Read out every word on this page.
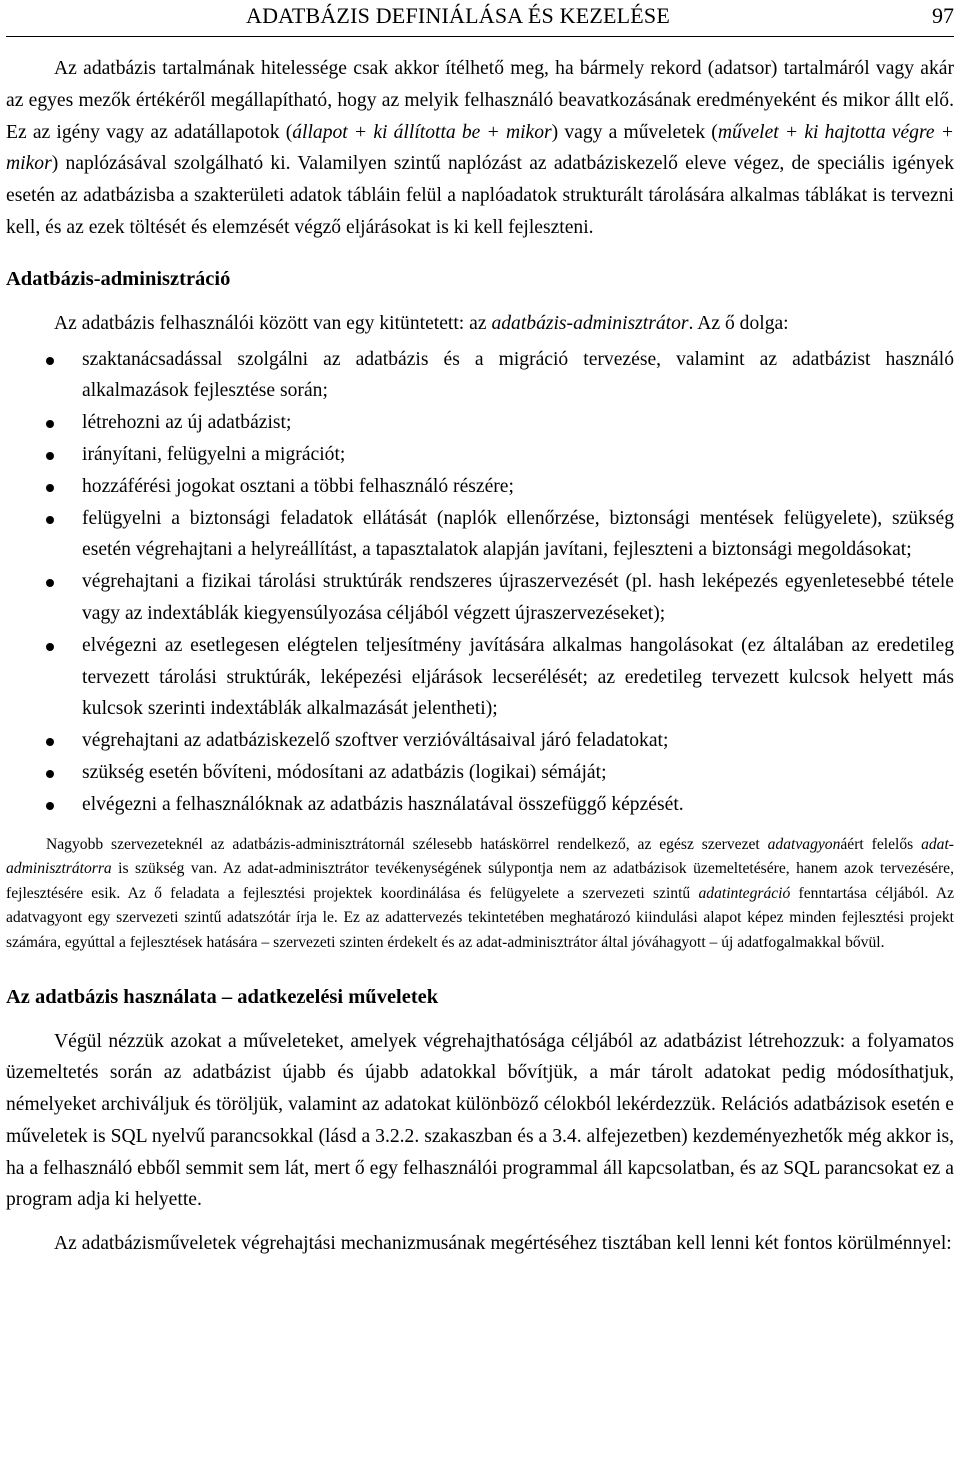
ADATBÁZIS DEFINIÁLÁSA ÉS KEZELÉSE	97

Az adatbázis tartalmának hitelessége csak akkor ítélhető meg, ha bármely rekord (adatsor) tartalmáról vagy akár az egyes mezők értékéről megállapítható, hogy az melyik felhasználó beavatkozásának eredményeként és mikor állt elő. Ez az igény vagy az adatállapotok (állapot + ki állította be + mikor) vagy a műveletek (művelet + ki hajtotta végre + mikor) naplózásával szolgálható ki. Valamilyen szintű naplózást az adatbáziskezelő eleve végez, de speciális igények esetén az adatbázisba a szakterületi adatok tábláin felül a naplóadatok strukturált tárolására alkalmas táblákat is tervezni kell, és az ezek töltését és elemzését végző eljárásokat is ki kell fejleszteni.

Adatbázis-adminisztráció

Az adatbázis felhasználói között van egy kitüntetett: az adatbázis-adminisztrátor. Az ő dolga:

szaktanácsadással szolgálni az adatbázis és a migráció tervezése, valamint az adatbázist használó alkalmazások fejlesztése során;
létrehozni az új adatbázist;
irányítani, felügyelni a migrációt;
hozzáférési jogokat osztani a többi felhasználó részére;
felügyelni a biztonsági feladatok ellátását (naplók ellenőrzése, biztonsági mentések felügyelete), szükség esetén végrehajtani a helyreállítást, a tapasztalatok alapján javítani, fejleszteni a biztonsági megoldásokat;
végrehajtani a fizikai tárolási struktúrák rendszeres újraszervezését (pl. hash leképezés egyenletesebbé tétele vagy az indextáblák kiegyensúlyozása céljából végzett újraszervezéseket);
elvégezni az esetlegesen elégtelen teljesítmény javítására alkalmas hangolásokat (ez általában az eredetileg tervezett tárolási struktúrák, leképezési eljárások lecserélését; az eredetileg tervezett kulcsok helyett más kulcsok szerinti indextáblák alkalmazását jelentheti);
végrehajtani az adatbáziskezelő szoftver verzióváltásaival járó feladatokat;
szükség esetén bővíteni, módosítani az adatbázis (logikai) sémáját;
elvégezni a felhasználóknak az adatbázis használatával összefüggő képzését.

Nagyobb szervezeteknél az adatbázis-adminisztrátornál szélesebb hatáskörrel rendelkező, az egész szervezet adatvagyonáért felelős adat-adminisztrátorra is szükség van. Az adat-adminisztrátor tevékenységének súlypontja nem az adatbázisok üzemeltetésére, hanem azok tervezésére, fejlesztésére esik. Az ő feladata a fejlesztési projektek koordinálása és felügyelete a szervezeti szintű adatintegráció fenntartása céljából. Az adatvagyont egy szervezeti szintű adatszótár írja le. Ez az adattervezés tekintetében meghatározó kiindulási alapot képez minden fejlesztési projekt számára, egyúttal a fejlesztések hatására – szervezeti szinten érdekelt és az adat-adminisztrátor által jóváhagyott – új adatfogalmakkal bővül.

Az adatbázis használata – adatkezelési műveletek

Végül nézzük azokat a műveleteket, amelyek végrehajthatósága céljából az adatbázist létrehozzuk: a folyamatos üzemeltetés során az adatbázist újabb és újabb adatokkal bővítjük, a már tárolt adatokat pedig módosíthatjuk, némelyeket archiváljuk és töröljük, valamint az adatokat különböző célokból lekérdezzük. Relációs adatbázisok esetén e műveletek is SQL nyelvű parancsokkal (lásd a 3.2.2. szakaszban és a 3.4. alfejezetben) kezdeményezhetők még akkor is, ha a felhasználó ebből semmit sem lát, mert ő egy felhasználói programmal áll kapcsolatban, és az SQL parancsokat ez a program adja ki helyette.

Az adatbázisműveletek végrehajtási mechanizmusának megértéséhez tisztában kell lenni két fontos körülménnyel:
